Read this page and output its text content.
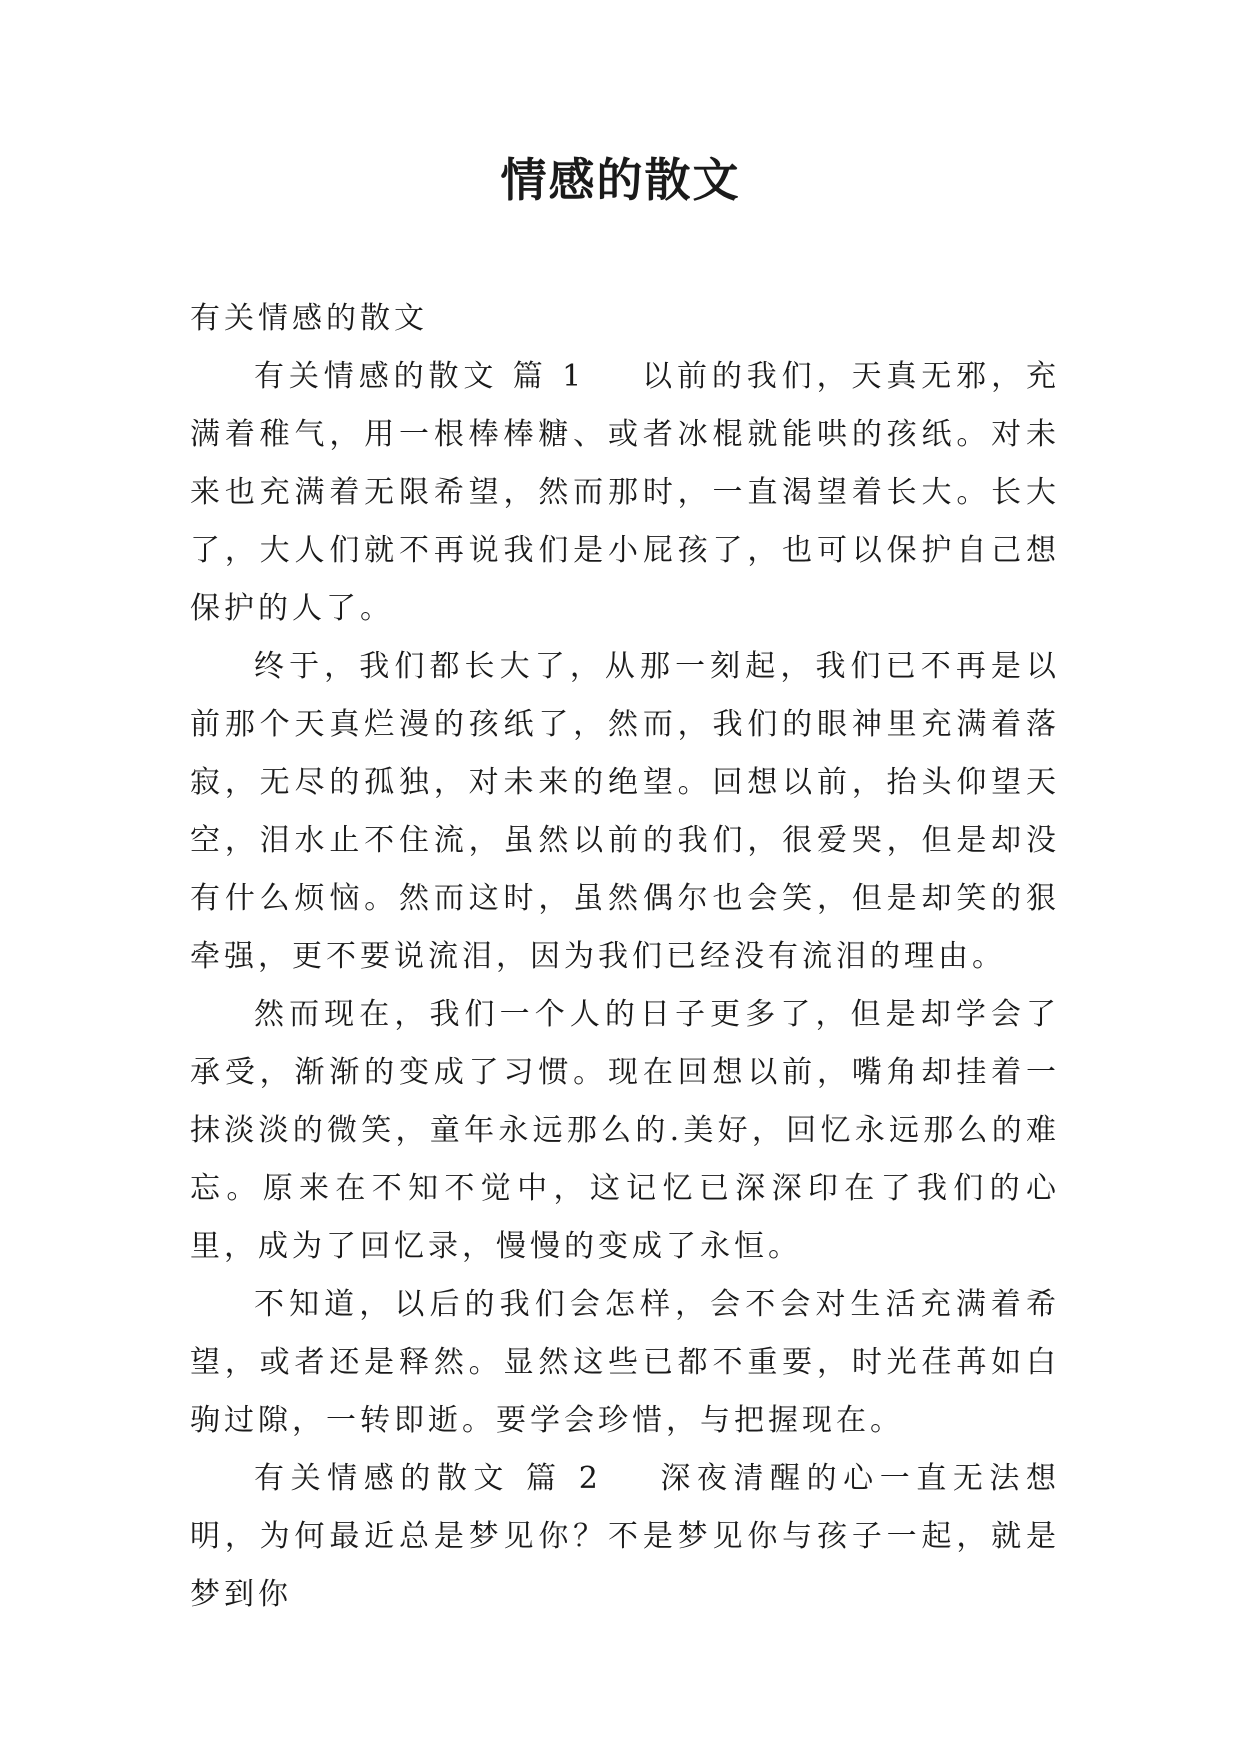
情感的散文

有关情感的散文

有关情感的散文 篇 1 以前的我们，天真无邪，充满着稚气，用一根棒棒糖、或者冰棍就能哄的孩纸。对未来也充满着无限希望，然而那时，一直渴望着长大。长大了，大人们就不再说我们是小屁孩了，也可以保护自己想保护的人了。

终于，我们都长大了，从那一刻起，我们已不再是以前那个天真烂漫的孩纸了，然而，我们的眼神里充满着落寂，无尽的孤独，对未来的绝望。回想以前，抬头仰望天空，泪水止不住流，虽然以前的我们，很爱哭，但是却没有什么烦恼。然而这时，虽然偶尔也会笑，但是却笑的狠牵强，更不要说流泪，因为我们已经没有流泪的理由。

然而现在，我们一个人的日子更多了，但是却学会了承受，渐渐的变成了习惯。现在回想以前，嘴角却挂着一抹淡淡的微笑，童年永远那么的.美好，回忆永远那么的难忘。原来在不知不觉中，这记忆已深深印在了我们的心里，成为了回忆录，慢慢的变成了永恒。

不知道，以后的我们会怎样，会不会对生活充满着希望，或者还是释然。显然这些已都不重要，时光荏苒如白驹过隙，一转即逝。要学会珍惜，与把握现在。

有关情感的散文 篇 2 深夜清醒的心一直无法想明，为何最近总是梦见你？不是梦见你与孩子一起，就是梦到你
